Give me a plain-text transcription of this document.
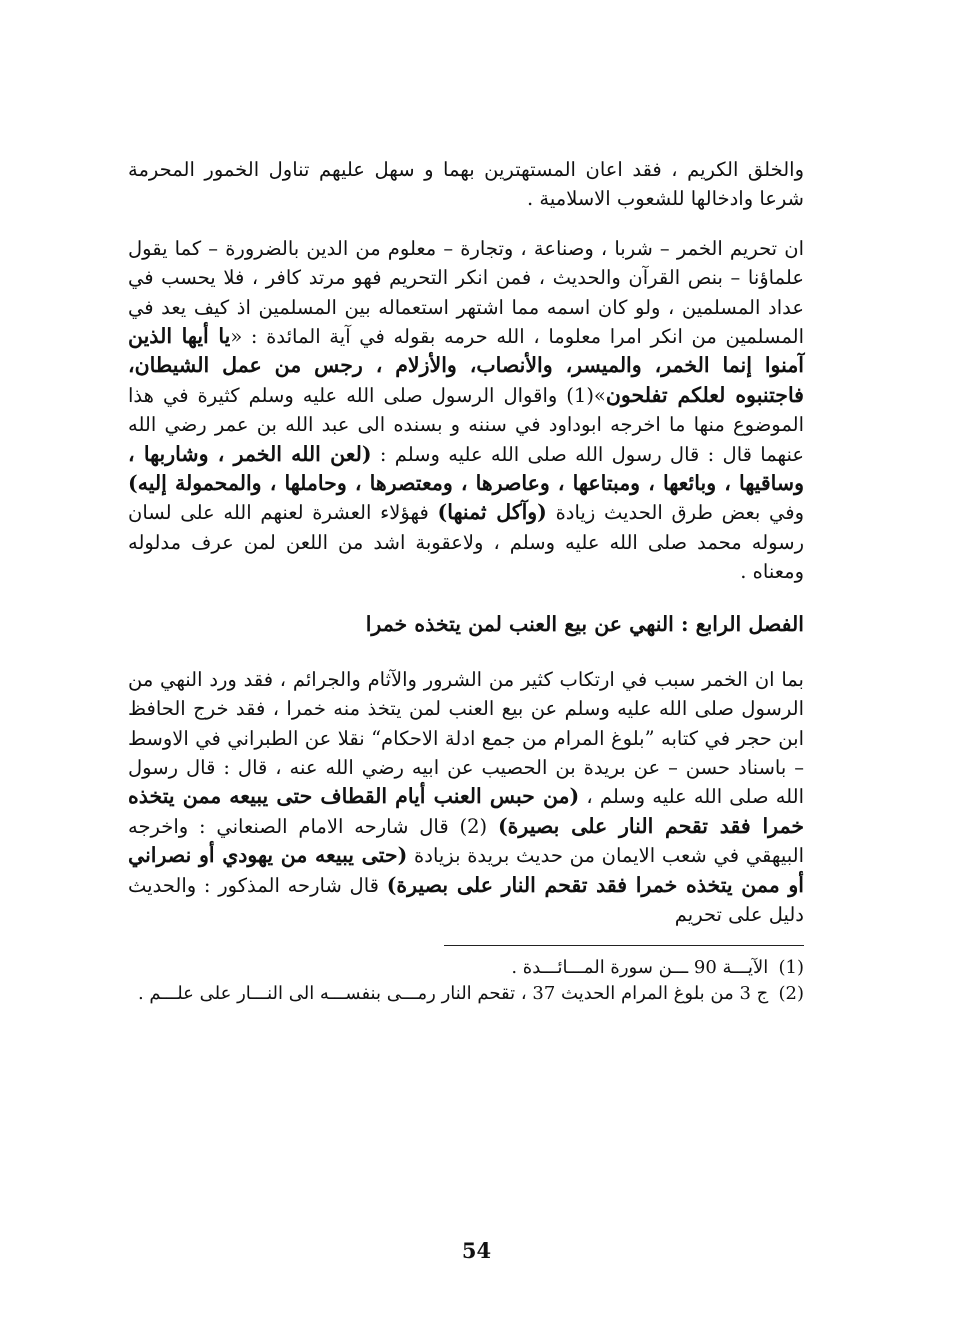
والخلق الكريم ، فقد اعان المستهترين بهما و سهل عليهم تناول الخمور المحرمة شرعا وادخالها للشعوب الاسلامية .

ان تحريم الخمر – شربا ، وصناعة ، وتجارة – معلوم من الدين بالضرورة – كما يقول علماؤنا – بنص القرآن والحديث ، فمن انكر التحريم فهو مرتد كافر ، فلا يحسب في عداد المسلمين ، ولو كان اسمه مما اشتهر استعماله بين المسلمين اذ كيف يعد في المسلمين من انكر امرا معلوما ، الله حرمه بقوله في آية المائدة : «يا أيها الذين آمنوا إنما الخمر، والميسر، والأنصاب، والأزلام ، رجس من عمل الشيطان، فاجتنبوه لعلكم تفلحون»(1) واقوال الرسول صلى الله عليه وسلم كثيرة في هذا الموضوع منها ما اخرجه ابوداود في سننه و بسنده الى عبد الله بن عمر رضي الله عنهما قال : قال رسول الله صلى الله عليه وسلم : (لعن الله الخمر ، وشاربها ، وساقيها ، وبائعها ، ومبتاعها ، وعاصرها ، ومعتصرها ، وحاملها ، والمحمولة إليه) وفي بعض طرق الحديث زيادة (وآكل ثمنها) فهؤلاء العشرة لعنهم الله على لسان رسوله محمد صلى الله عليه وسلم ، ولاعقوبة اشد من اللعن لمن عرف مدلوله ومعناه .

الفصل الرابع : النهي عن بيع العنب لمن يتخذه خمرا

بما ان الخمر سبب في ارتكاب كثير من الشرور والآثام والجرائم ، فقد ورد النهي من الرسول صلى الله عليه وسلم عن بيع العنب لمن يتخذ منه خمرا ، فقد خرج الحافظ ابن حجر في كتابه ”بلوغ المرام من جمع ادلة الاحكام“ نقلا عن الطبراني في الاوسط – باسناد حسن – عن بريدة بن الحصيب عن ابيه رضي الله عنه ، قال : قال رسول الله صلى الله عليه وسلم ، (من حبس العنب أيام القطاف حتى يبيعه ممن يتخذه خمرا فقد تقحم النار على بصيرة) (2) قال شارحه الامام الصنعاني : واخرجه البيهقي في شعب الايمان من حديث بريدة بزيادة (حتى يبيعه من يهودي أو نصراني أو ممن يتخذه خمرا فقد تقحم النار على بصيرة) قال شارحه المذكور : والحديث دليل على تحريم

(1) الآيـــة 90 ـــن سورة المـــائـــدة .
(2) ج 3 من بلوغ المرام الحديث 37 ، تقحم النار رمـــى بنفســـه الى النـــار على علـــم .
54
